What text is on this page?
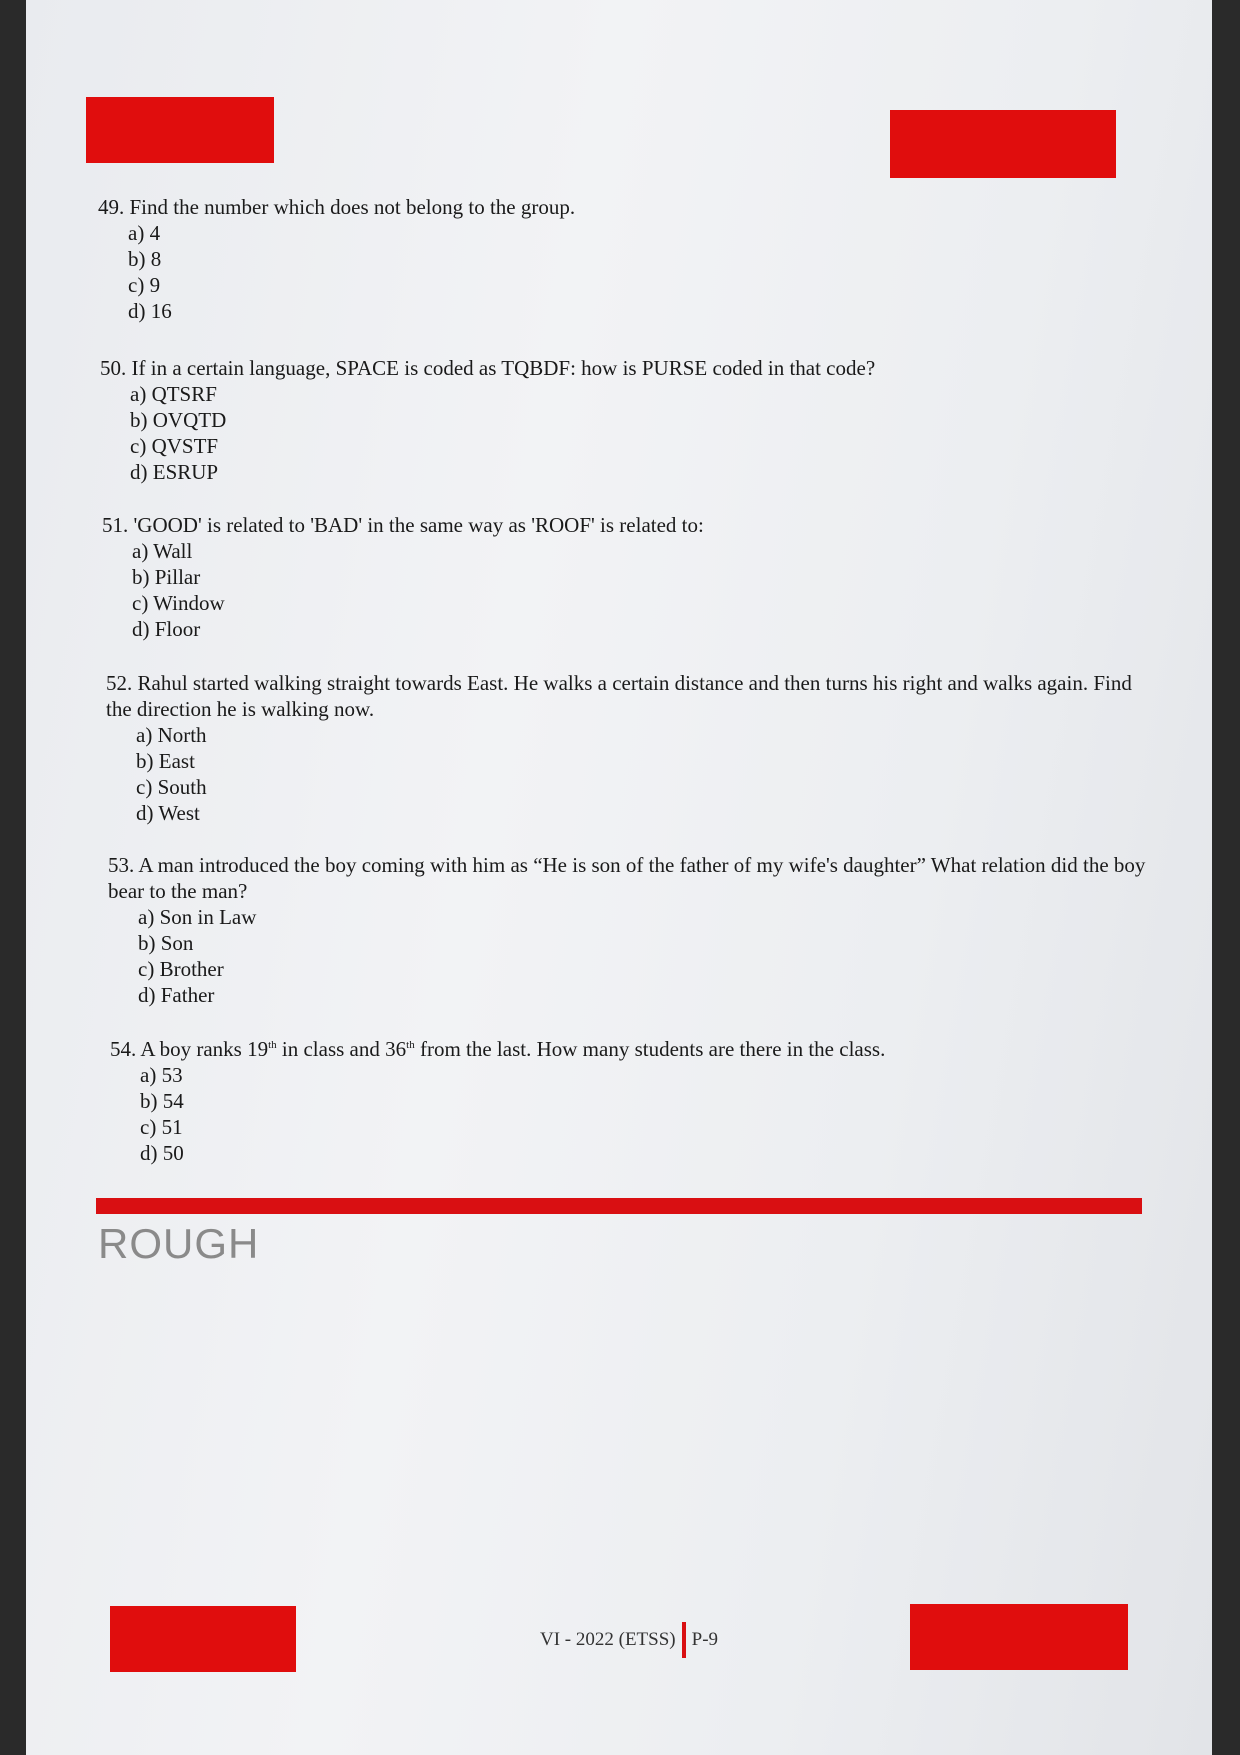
49. Find the number which does not belong to the group.

a) 4
b) 8
c) 9
d) 16

50. If in a certain language, SPACE is coded as TQBDF: how is PURSE coded in that code?

a) QTSRF
b) OVQTD
c) QVSTF
d) ESRUP

51. 'GOOD' is related to 'BAD' in the same way as 'ROOF' is related to:

a) Wall
b) Pillar
c) Window
d) Floor

52. Rahul started walking straight towards East. He walks a certain distance and then turns his right and walks again. Find the direction he is walking now.

a) North
b) East
c) South
d) West

53. A man introduced the boy coming with him as “He is son of the father of my wife's daughter” What relation did the boy bear to the man?

a) Son in Law
b) Son
c) Brother
d) Father

54. A boy ranks 19th in class and 36th from the last. How many students are there in the class.

a) 53
b) 54
c) 51
d) 50
ROUGH
VI - 2022 (ETSS) P-9
